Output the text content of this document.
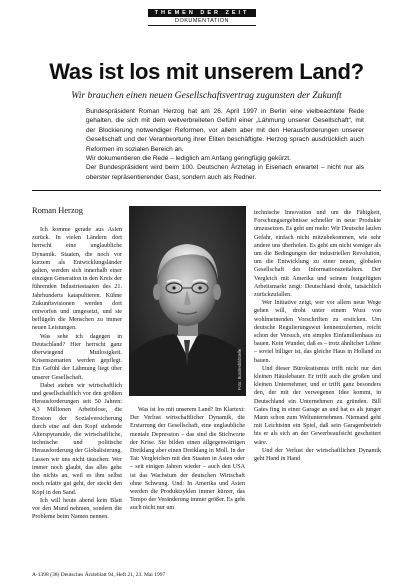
THEMEN DER ZEIT
DOKUMENTATION
Was ist los mit unserem Land?
Wir brauchen einen neuen Gesellschaftsvertrag zugunsten der Zukunft

Bundespräsident Roman Herzog hat am 26. April 1997 in Berlin eine vielbeachtete Rede gehalten, die sich mit dem weitverbreiteten Gefühl einer „Lähmung unserer Gesellschaft“, mit der Blockierung notwendiger Reformen, vor allem aber mit den Herausforderungen unserer Gesellschaft und der Verantwortung ihrer Eliten beschäftigte. Herzog sprach ausdrücklich auch Reformen im sozialen Bereich an.

Wir dokumentieren die Rede – lediglich am Anfang geringfügig gekürzt.

Der Bundespräsident wird beim 100. Deutschen Ärztetag in Eisenach erwartet – nicht nur als oberster repräsentierender Gast, sondern auch als Redner.

Roman Herzog

Ich komme gerade aus Asien zurück. In vielen Ländern dort herrscht eine unglaubliche Dynamik. Staaten, die noch vor kurzem als Entwicklungsländer galten, werden sich innerhalb einer einzigen Generation in den Kreis der führenden Industriestaaten des 21. Jahrhunderts katapultieren. Kühne Zukunftsvisionen werden dort entworfen und umgesetzt, und sie beflügeln die Menschen zu immer neuen Leistungen.

Was sehe ich dagegen in Deutschland? Hier herrscht ganz überwiegend Mutlosigkeit. Krisenszenarien werden gepflegt. Ein Gefühl der Lähmung liegt über unserer Gesellschaft.

Dabei stehen wir wirtschaftlich und gesellschaftlich vor den größten Herausforderungen seit 50 Jahren: 4,3 Millionen Arbeitslose, die Erosion der Sozialversicherung durch eine auf den Kopf stehende Alterspyramide, die wirtschaftliche, technische und politische Herausforderung der Globalisierung. Lassen wir uns nicht täuschen: Wer immer noch glaubt, das alles gehe ihn nichts an, weil es ihm selbst noch relativ gut geht, der steckt den Kopf in den Sand.

Ich will heute abend kein Blatt vor den Mund nehmen, sondern die Probleme beim Namen nennen.

Foto: Bundesbildstelle

Was ist los mit unserem Land? Im Klartext: Der Verlust wirtschaftlicher Dynamik, die Erstarrung der Gesellschaft, eine unglaubliche mentale Depression – das sind die Stichworte der Krise. Sie bilden einen allgegenwärtigen Dreiklang aber einen Dreiklang in Moll. In der Tat: Vergleichen mit den Staaten in Asien oder – seit einigen Jahren wieder – auch den USA ist das Wachstum der deutschen Wirtschaft ohne Schwung. Und: In Amerika und Asien werden die Produktzyklen immer kürzer, das Tempo der Veränderung immer größer. Es geht auch nicht nur um

technische Innovation und um die Fähigkeit, Forschungsergebnisse schneller in neue Produkte umzusetzen. Es geht um mehr: Wir Deutsche laufen Gefahr, einfach nicht mitzubekommen, wie sehr andere uns überholen. Es geht um nicht weniger als um die Bedingungen der industriellen Revolution, um die Entwicklung zu einer neuen, globalen Gesellschaft des Informationszeitalters. Der Vergleich mit Amerika und seinem festgefügten Arbeitsmarkt zeigt: Deutschland droht, tatsächlich zurückzufallen.

Wer Initiative zeigt, wer vor allem neue Wege gehen will, droht unter einem Wust von wohlmeinenden Vorschriften zu ersticken. Um deutsche Regulierungswut kennenzulernen, reicht schon der Versuch, ein simples Einfamilienhaus zu bauen. Kein Wunder, daß es – trotz ähnlicher Löhne – soviel billiger ist, das gleiche Haus in Holland zu bauen.

Und dieser Bürokratismus trifft nicht nur den kleinen Häuslebauer. Er trifft auch die großen und kleinen Unternehmer, und er trifft ganz besonders den, der mit der verwegenen Idee kommt, in Deutschland ein Unternehmen zu gründen. Bill Gates fing in einer Garage an und hat es als junger Mann schon zum Weltunternehmen. Niemand geht mit Leichtsinn ein Spiel, daß sein Garagenbetrieb bis er als sich an der Gewerbeaufsicht gescheitert wäre.

Und der Verlust der wirtschaftlichen Dynamik geht Hand in Hand

A-1398 (38) Deutsches Ärzteblatt 94, Heft 21, 23. Mai 1997
